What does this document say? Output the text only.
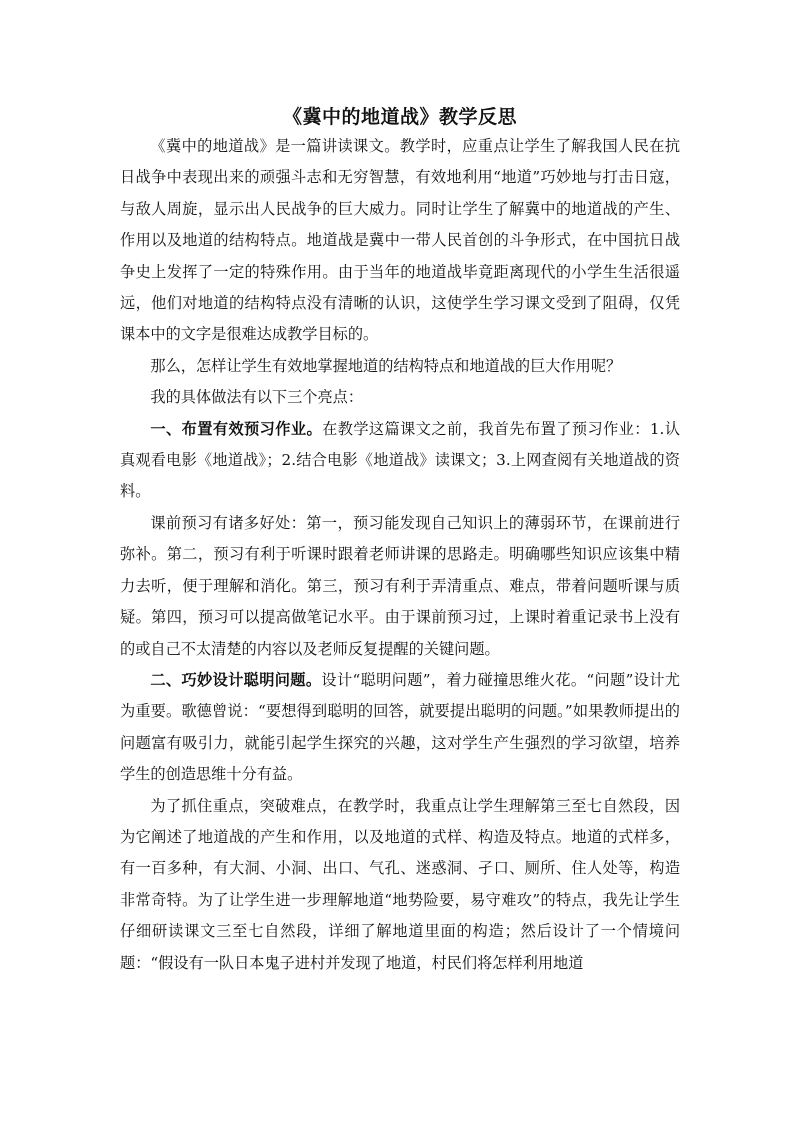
《冀中的地道战》教学反思

《冀中的地道战》是一篇讲读课文。教学时，应重点让学生了解我国人民在抗日战争中表现出来的顽强斗志和无穷智慧，有效地利用“地道”巧妙地与打击日寇，与敌人周旋，显示出人民战争的巨大威力。同时让学生了解冀中的地道战的产生、作用以及地道的结构特点。地道战是冀中一带人民首创的斗争形式，在中国抗日战争史上发挥了一定的特殊作用。由于当年的地道战毕竟距离现代的小学生生活很遥远，他们对地道的结构特点没有清晰的认识，这使学生学习课文受到了阻碍，仅凭课本中的文字是很难达成教学目标的。

那么，怎样让学生有效地掌握地道的结构特点和地道战的巨大作用呢？

我的具体做法有以下三个亮点：

一、布置有效预习作业。在教学这篇课文之前，我首先布置了预习作业：1.认真观看电影《地道战》；2.结合电影《地道战》读课文；3.上网查阅有关地道战的资料。

课前预习有诸多好处：第一，预习能发现自己知识上的薄弱环节，在课前进行弥补。第二，预习有利于听课时跟着老师讲课的思路走。明确哪些知识应该集中精力去听，便于理解和消化。第三，预习有利于弄清重点、难点，带着问题听课与质疑。第四，预习可以提高做笔记水平。由于课前预习过，上课时着重记录书上没有的或自己不太清楚的内容以及老师反复提醒的关键问题。

二、巧妙设计聪明问题。设计“聪明问题”，着力碰撞思维火花。“问题”设计尤为重要。歌德曾说：“要想得到聪明的回答，就要提出聪明的问题。”如果教师提出的问题富有吸引力，就能引起学生探究的兴趣，这对学生产生强烈的学习欲望，培养学生的创造思维十分有益。

为了抓住重点，突破难点，在教学时，我重点让学生理解第三至七自然段，因为它阐述了地道战的产生和作用，以及地道的式样、构造及特点。地道的式样多，有一百多种，有大洞、小洞、出口、气孔、迷惑洞、孑口、厕所、住人处等，构造非常奇特。为了让学生进一步理解地道“地势险要，易守难攻”的特点，我先让学生仔细研读课文三至七自然段，详细了解地道里面的构造；然后设计了一个情境问题：“假设有一队日本鬼子进村并发现了地道，村民们将怎样利用地道
